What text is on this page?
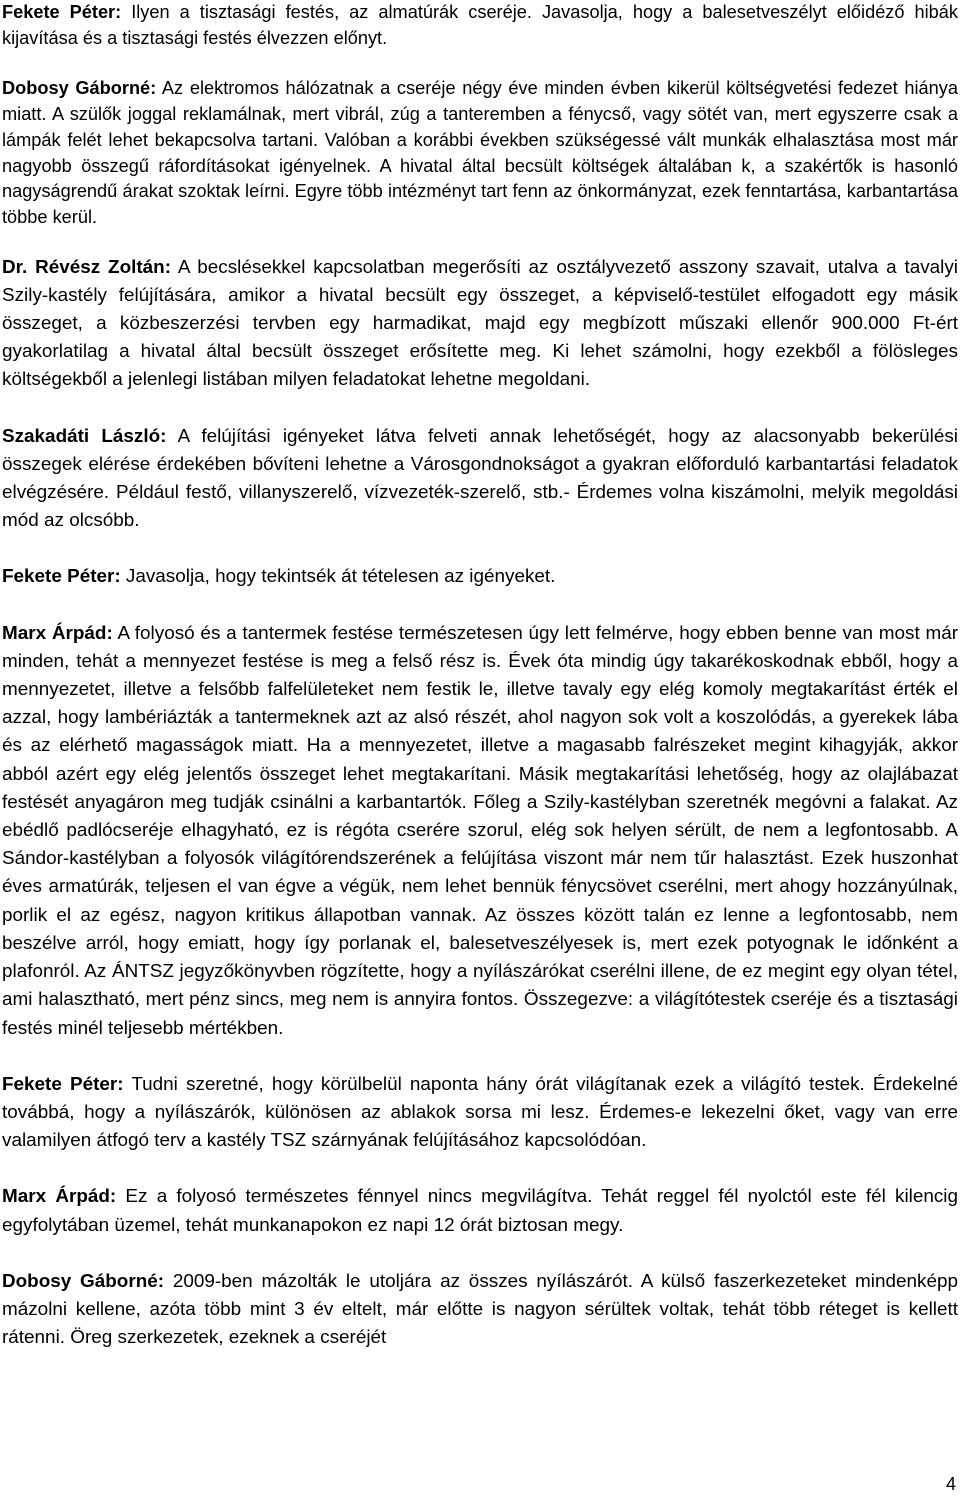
Fekete Péter: Ilyen a tisztasági festés, az almatúrák cseréje. Javasolja, hogy a balesetveszélyt előidéző hibák kijavítása és a tisztasági festés élvezzen előnyt.

Dobosy Gáborné: Az elektromos hálózatnak a cseréje négy éve minden évben kikerül költségvetési fedezet hiánya miatt. A szülők joggal reklamálnak, mert vibrál, zúg a tanteremben a fénycső, vagy sötét van, mert egyszerre csak a lámpák felét lehet bekapcsolva tartani. Valóban a korábbi években szükségessé vált munkák elhalasztása most már nagyobb összegű ráfordításokat igényelnek. A hivatal által becsült költségek általában k, a szakértők is hasonló nagyságrendű árakat szoktak leírni. Egyre több intézményt tart fenn az önkormányzat, ezek fenntartása, karbantartása többe kerül.

Dr. Révész Zoltán: A becslésekkel kapcsolatban megerősíti az osztályvezető asszony szavait, utalva a tavalyi Szily-kastély felújítására, amikor a hivatal becsült egy összeget, a képviselő-testület elfogadott egy másik összeget, a közbeszerzési tervben egy harmadikat, majd egy megbízott műszaki ellenőr 900.000 Ft-ért gyakorlatilag a hivatal által becsült összeget erősítette meg. Ki lehet számolni, hogy ezekből a fölösleges költségekből a jelenlegi listában milyen feladatokat lehetne megoldani.

Szakadáti László: A felújítási igényeket látva felveti annak lehetőségét, hogy az alacsonyabb bekerülési összegek elérése érdekében bővíteni lehetne a Városgondnokságot a gyakran előforduló karbantartási feladatok elvégzésére. Például festő, villanyszerelő, vízvezeték-szerelő, stb.- Érdemes volna kiszámolni, melyik megoldási mód az olcsóbb.

Fekete Péter: Javasolja, hogy tekintsék át tételesen az igényeket.

Marx Árpád: A folyosó és a tantermek festése természetesen úgy lett felmérve, hogy ebben benne van most már minden, tehát a mennyezet festése is meg a felső rész is. Évek óta mindig úgy takarékoskodnak ebből, hogy a mennyezetet, illetve a felsőbb falfelületeket nem festik le, illetve tavaly egy elég komoly megtakarítást érték el azzal, hogy lambériázták a tantermeknek azt az alsó részét, ahol nagyon sok volt a koszolódás, a gyerekek lába és az elérhető magasságok miatt. Ha a mennyezetet, illetve a magasabb falrészeket megint kihagyják, akkor abból azért egy elég jelentős összeget lehet megtakarítani. Másik megtakarítási lehetőség, hogy az olajlábazat festését anyagáron meg tudják csinálni a karbantartók. Főleg a Szily-kastélyban szeretnék megóvni a falakat. Az ebédlő padlócseréje elhagyható, ez is régóta cserére szorul, elég sok helyen sérült, de nem a legfontosabb. A Sándor-kastélyban a folyosók világítórendszerének a felújítása viszont már nem tűr halasztást. Ezek huszonhat éves armatúrák, teljesen el van égve a végük, nem lehet bennük fénycsövet cserélni, mert ahogy hozzányúlnak, porlik el az egész, nagyon kritikus állapotban vannak. Az összes között talán ez lenne a legfontosabb, nem beszélve arról, hogy emiatt, hogy így porlanak el, balesetveszélyesek is, mert ezek potyognak le időnként a plafonról. Az ÁNTSZ jegyzőkönyvben rögzítette, hogy a nyílászárókat cserélni illene, de ez megint egy olyan tétel, ami halasztható, mert pénz sincs, meg nem is annyira fontos. Összegezve: a világítótestek cseréje és a tisztasági festés minél teljesebb mértékben.

Fekete Péter: Tudni szeretné, hogy körülbelül naponta hány órát világítanak ezek a világító testek. Érdekelné továbbá, hogy a nyílászárók, különösen az ablakok sorsa mi lesz. Érdemes-e lekezelni őket, vagy van erre valamilyen átfogó terv a kastély TSZ szárnyának felújításához kapcsolódóan.

Marx Árpád: Ez a folyosó természetes fénnyel nincs megvilágítva. Tehát reggel fél nyolctól este fél kilencig egyfolytában üzemel, tehát munkanapokon ez napi 12 órát biztosan megy.

Dobosy Gáborné: 2009-ben mázolták le utoljára az összes nyílászárót. A külső faszerkezeteket mindenképp mázolni kellene, azóta több mint 3 év eltelt, már előtte is nagyon sérültek voltak, tehát több réteget is kellett rátenni. Öreg szerkezetek, ezeknek a cseréjét

4
